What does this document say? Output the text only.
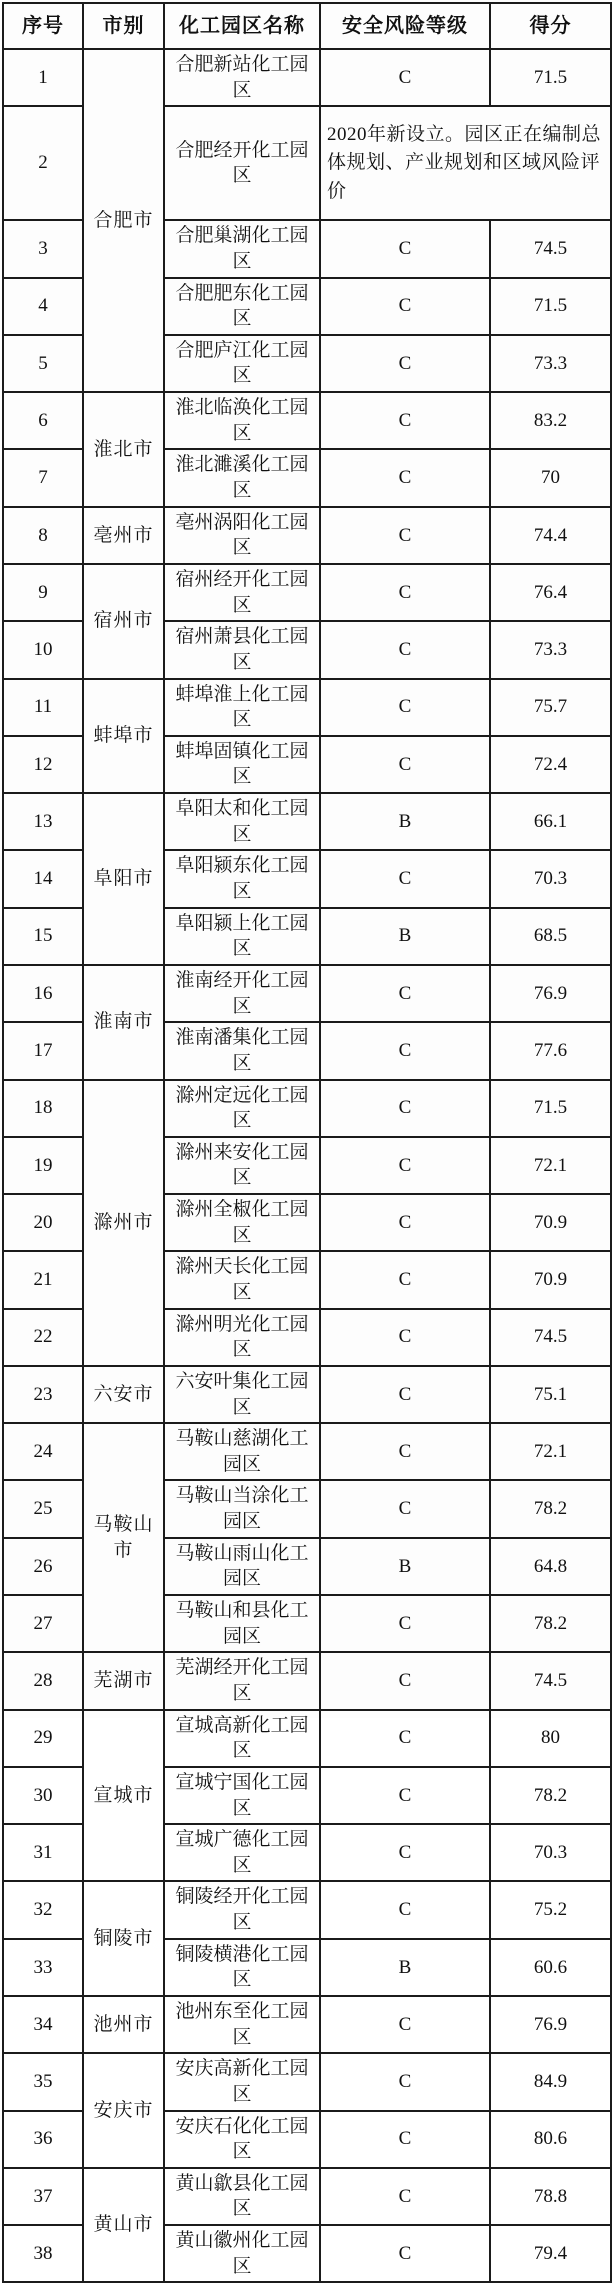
序号	市别	化工园区名称	安全风险等级	得分
1	合肥市	合肥新站化工园区	C	71.5
2		合肥经开化工园区	2020年新设立。园区正在编制总体规划、产业规划和区域风险评价	
3		合肥巢湖化工园区	C	74.5
4		合肥肥东化工园区	C	71.5
5		合肥庐江化工园区	C	73.3
6	淮北市	淮北临涣化工园区	C	83.2
7		淮北濉溪化工园区	C	70
8	亳州市	亳州涡阳化工园区	C	74.4
9	宿州市	宿州经开化工园区	C	76.4
10		宿州萧县化工园区	C	73.3
11	蚌埠市	蚌埠淮上化工园区	C	75.7
12		蚌埠固镇化工园区	C	72.4
13	阜阳市	阜阳太和化工园区	B	66.1
14		阜阳颍东化工园区	C	70.3
15		阜阳颍上化工园区	B	68.5
16	淮南市	淮南经开化工园区	C	76.9
17		淮南潘集化工园区	C	77.6
18	滁州市	滁州定远化工园区	C	71.5
19		滁州来安化工园区	C	72.1
20		滁州全椒化工园区	C	70.9
21		滁州天长化工园区	C	70.9
22		滁州明光化工园区	C	74.5
23	六安市	六安叶集化工园区	C	75.1
24	马鞍山市	马鞍山慈湖化工园区	C	72.1
25		马鞍山当涂化工园区	C	78.2
26		马鞍山雨山化工园区	B	64.8
27		马鞍山和县化工园区	C	78.2
28	芜湖市	芜湖经开化工园区	C	74.5
29	宣城市	宣城高新化工园区	C	80
30		宣城宁国化工园区	C	78.2
31		宣城广德化工园区	C	70.3
32	铜陵市	铜陵经开化工园区	C	75.2
33		铜陵横港化工园区	B	60.6
34	池州市	池州东至化工园区	C	76.9
35	安庆市	安庆高新化工园区	C	84.9
36		安庆石化化工园区	C	80.6
37	黄山市	黄山歙县化工园区	C	78.8
38		黄山徽州化工园区	C	79.4
